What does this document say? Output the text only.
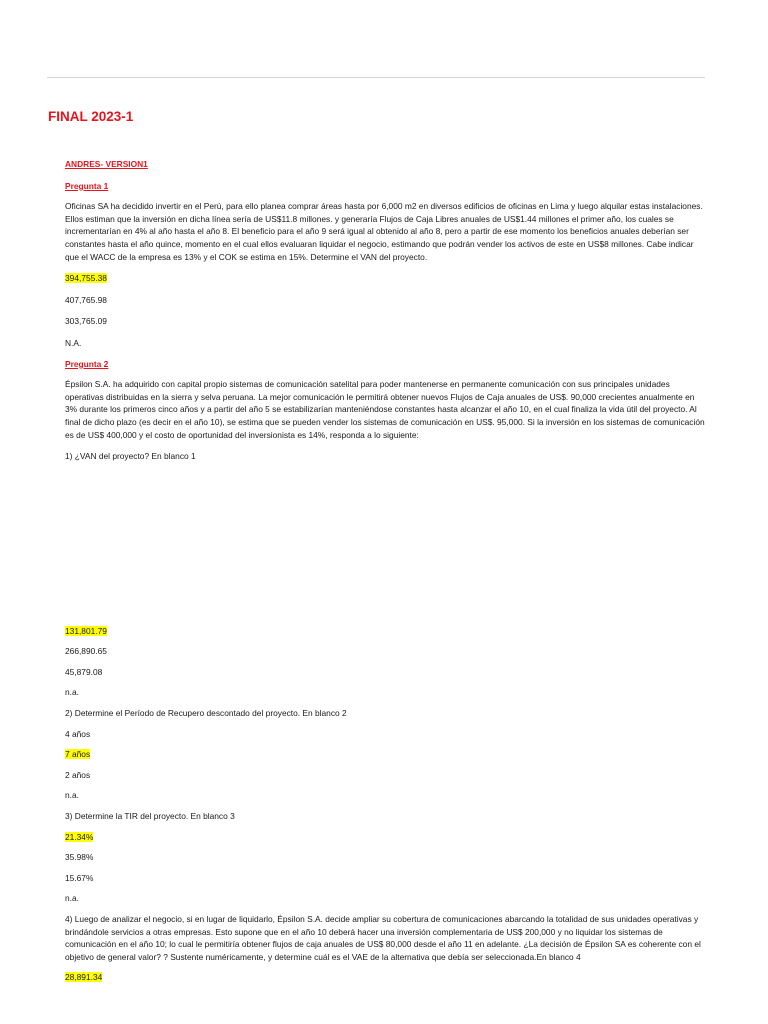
FINAL 2023-1

ANDRES- VERSION1

Pregunta 1

Oficinas SA ha decidido invertir en el Perú, para ello planea comprar áreas hasta por 6,000 m2 en diversos edificios de oficinas en Lima y luego alquilar estas instalaciones. Ellos estiman que la inversión en dicha línea sería de US$11.8 millones. y generaría Flujos de Caja Libres anuales de US$1.44 millones el primer año, los cuales se incrementarían en 4% al año hasta el año 8. El beneficio para el año 9 será igual al obtenido al año 8, pero a partir de ese momento los beneficios anuales deberían ser constantes hasta el año quince, momento en el cual ellos evaluaran liquidar el negocio, estimando que podrán vender los activos de este en US$8 millones. Cabe indicar que el WACC de la empresa es 13% y el COK se estima en 15%. Determine el VAN del proyecto.

394,755.38

407,765.98

303,765.09

N.A.

Pregunta 2

Épsilon S.A. ha adquirido con capital propio sistemas de comunicación satelital para poder mantenerse en permanente comunicación con sus principales unidades operativas distribuidas en la sierra y selva peruana. La mejor comunicación le permitirá obtener nuevos Flujos de Caja anuales de US$. 90,000 crecientes anualmente en 3% durante los primeros cinco años y a partir del año 5 se estabilizarían manteniéndose constantes hasta alcanzar el año 10, en el cual finaliza la vida útil del proyecto. Al final de dicho plazo (es decir en el año 10), se estima que se pueden vender los sistemas de comunicación en US$. 95,000. Si la inversión en los sistemas de comunicación es de US$ 400,000 y el costo de oportunidad del inversionista es 14%, responda a lo siguiente:

1) ¿VAN del proyecto? En blanco 1

131,801.79

266,890.65

45,879.08

n.a.

2) Determine el Período de Recupero descontado del proyecto. En blanco 2

4 años

7 años

2 años

n.a.

3) Determine la TIR del proyecto. En blanco 3

21.34%

35.98%

15.67%

n.a.

4) Luego de analizar el negocio, si en lugar de liquidarlo, Épsilon S.A. decide ampliar su cobertura de comunicaciones abarcando la totalidad de sus unidades operativas y brindándole servicios a otras empresas. Esto supone que en el año 10 deberá hacer una inversión complementaria de US$ 200,000 y no liquidar los sistemas de comunicación en el año 10; lo cual le permitiría obtener flujos de caja anuales de US$ 80,000 desde el año 11 en adelante. ¿La decisión de Épsilon SA es coherente con el objetivo de general valor? ? Sustente numéricamente, y determine cuál es el VAE de la alternativa que debía ser seleccionada.En blanco 4

28,891.34
